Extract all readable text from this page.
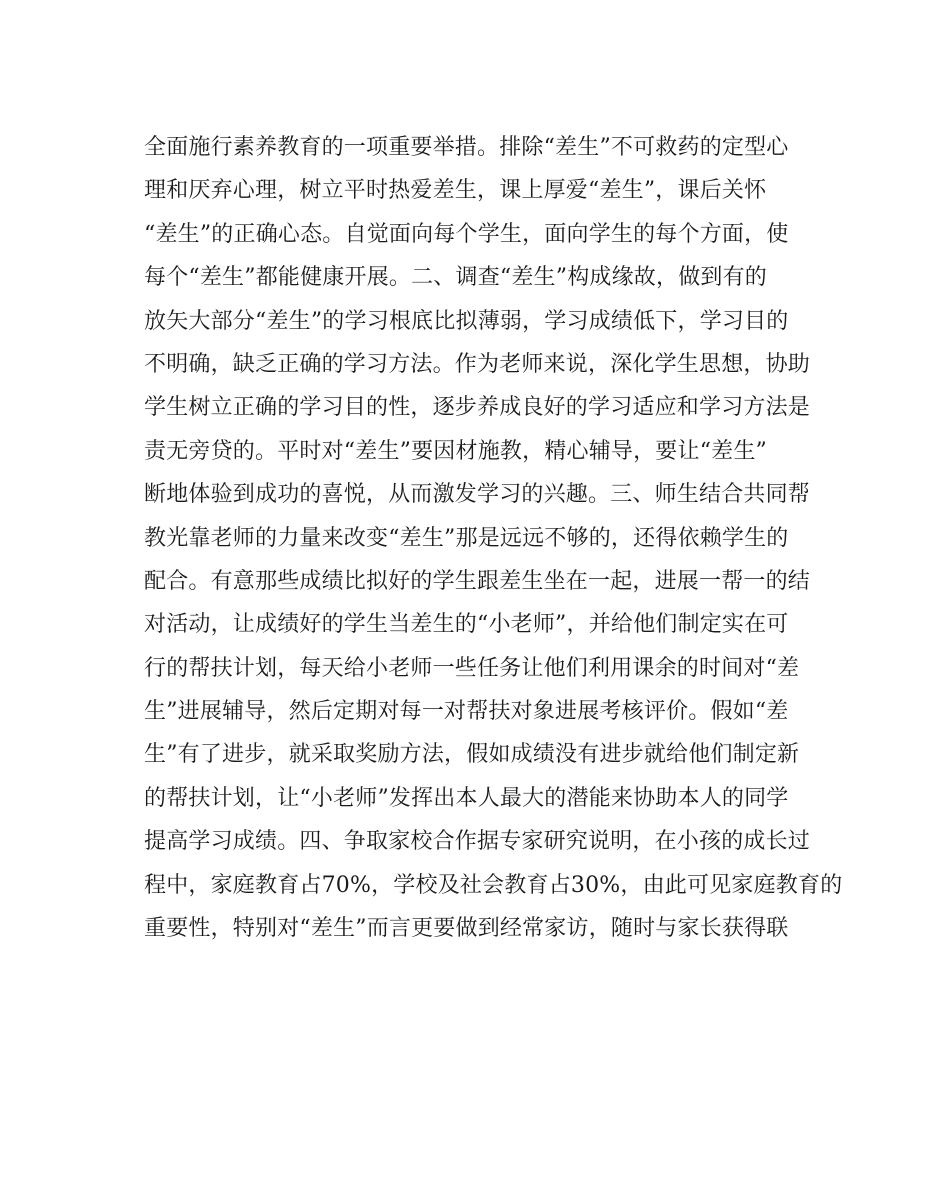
全面施行素养教育的一项重要举措。排除“差生”不可救药的定型心
理和厌弃心理，树立平时热爱差生，课上厚爱“差生”，课后关怀
“差生”的正确心态。自觉面向每个学生，面向学生的每个方面，使
每个“差生”都能健康开展。二、调查“差生”构成缘故，做到有的
放矢大部分“差生”的学习根底比拟薄弱，学习成绩低下，学习目的
不明确，缺乏正确的学习方法。作为老师来说，深化学生思想，协助
学生树立正确的学习目的性，逐步养成良好的学习适应和学习方法是
责无旁贷的。平时对“差生”要因材施教，精心辅导，要让“差生”
断地体验到成功的喜悦，从而激发学习的兴趣。三、师生结合共同帮
教光靠老师的力量来改变“差生”那是远远不够的，还得依赖学生的
配合。有意那些成绩比拟好的学生跟差生坐在一起，进展一帮一的结
对活动，让成绩好的学生当差生的“小老师”，并给他们制定实在可
行的帮扶计划，每天给小老师一些任务让他们利用课余的时间对“差
生”进展辅导，然后定期对每一对帮扶对象进展考核评价。假如“差
生”有了进步，就采取奖励方法，假如成绩没有进步就给他们制定新
的帮扶计划，让“小老师”发挥出本人最大的潜能来协助本人的同学
提高学习成绩。四、争取家校合作据专家研究说明，在小孩的成长过
程中，家庭教育占70%，学校及社会教育占30%，由此可见家庭教育的
重要性，特别对“差生”而言更要做到经常家访，随时与家长获得联
